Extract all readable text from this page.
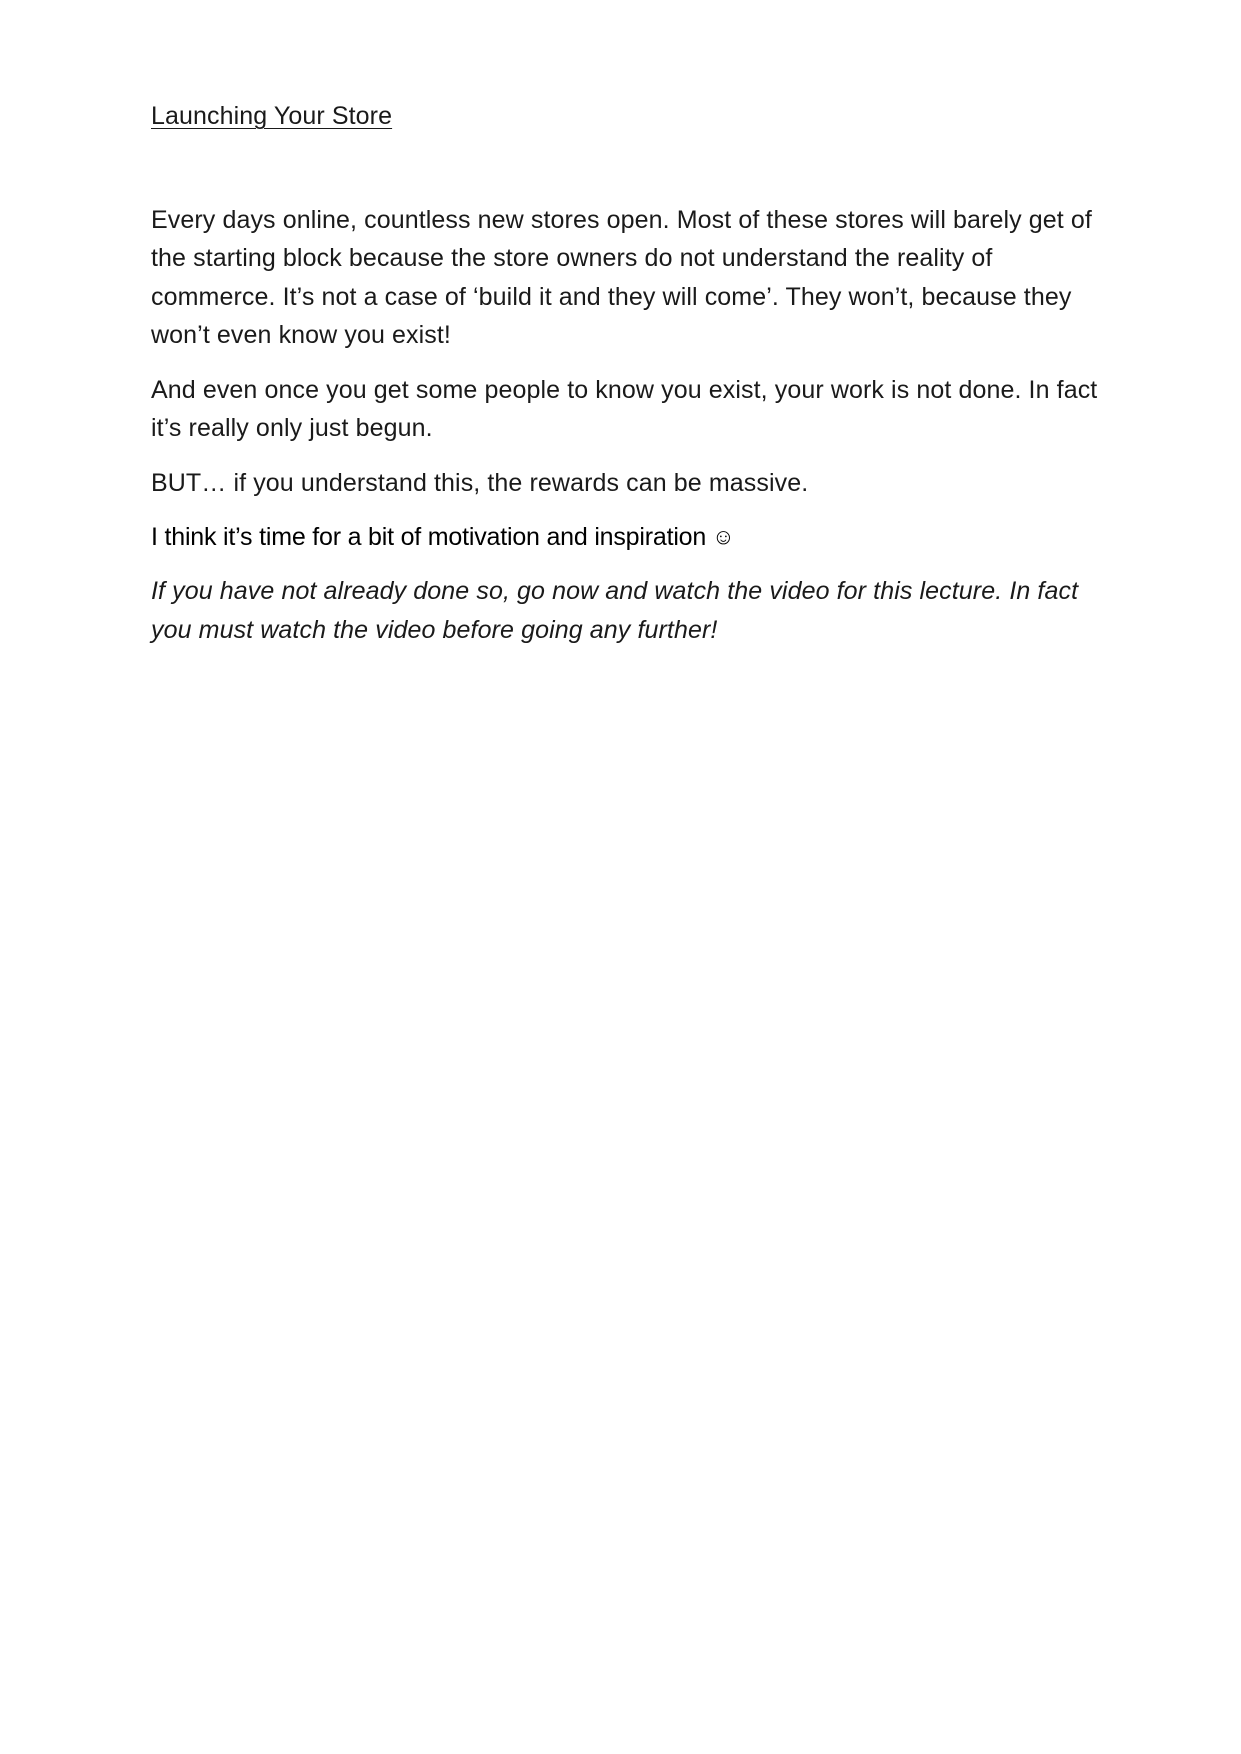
Launching Your Store

Every days online, countless new stores open. Most of these stores will barely get of the starting block because the store owners do not understand the reality of commerce. It’s not a case of ‘build it and they will come’. They won’t, because they won’t even know you exist!

And even once you get some people to know you exist, your work is not done. In fact it’s really only just begun.

BUT… if you understand this, the rewards can be massive.

I think it’s time for a bit of motivation and inspiration ☺

If you have not already done so, go now and watch the video for this lecture. In fact you must watch the video before going any further!
